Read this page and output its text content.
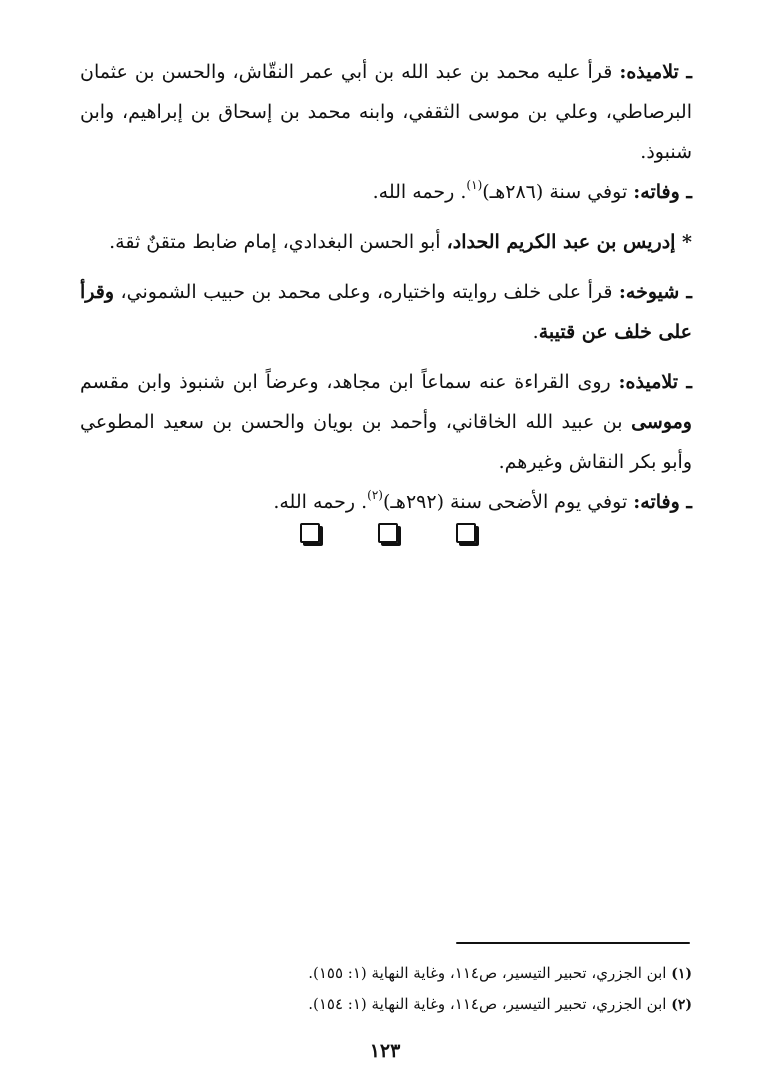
ـ تلاميذه: قرأ عليه محمد بن عبد الله بن أبي عمر النقّاش، والحسن بن عثمان البرصاطي، وعلي بن موسى الثقفي، وابنه محمد بن إسحاق بن إبراهيم، وابن شنبوذ.

ـ وفاته: توفي سنة (٢٨٦هـ)$^{(١)}$. رحمه الله.

* إدريس بن عبد الكريم الحداد، أبو الحسن البغدادي، إمام ضابط متقنٌ ثقة.

ـ شيوخه: قرأ على خلف روايته واختياره، وعلى محمد بن حبيب الشموني، وقرأ على خلف عن قتيبة.

ـ تلاميذه: روى القراءة عنه سماعاً ابن مجاهد، وعرضاً ابن شنبوذ وابن مقسم وموسى بن عبيد الله الخاقاني، وأحمد بن بويان والحسن بن سعيد المطوعي وأبو بكر النقاش وغيرهم.

ـ وفاته: توفي يوم الأضحى سنة (٢٩٢هـ)$^{(٢)}$. رحمه الله.

(١) ابن الجزري، تحبير التيسير، ص١١٤، وغاية النهاية (١: ١٥٥).

(٢) ابن الجزري، تحبير التيسير، ص١١٤، وغاية النهاية (١: ١٥٤).

١٢٣
